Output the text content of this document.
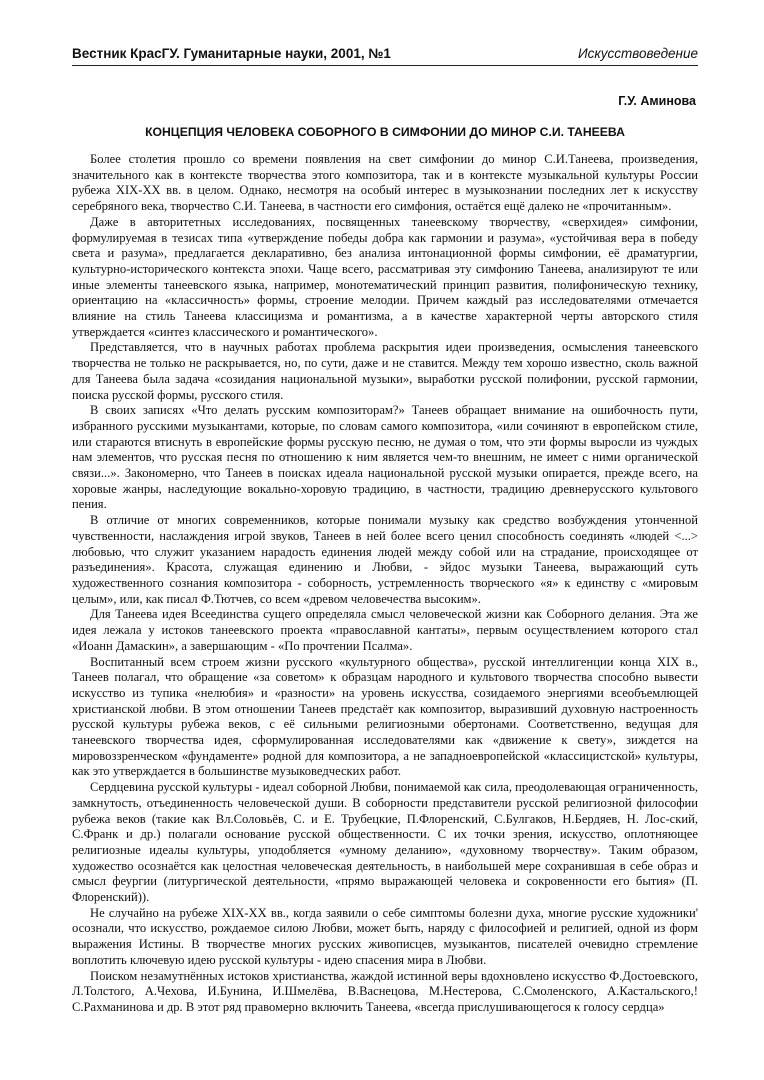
Вестник КрасГУ. Гуманитарные науки, 2001, №1	Искусствоведение
Г.У. Аминова
КОНЦЕПЦИЯ ЧЕЛОВЕКА СОБОРНОГО В СИМФОНИИ ДО МИНОР С.И. ТАНЕЕВА

Более столетия прошло со времени появления на свет симфонии до минор С.И.Танеева, произведения, значительного как в контексте творчества этого композитора, так и в контексте музыкальной культуры России рубежа XIX-XX вв. в целом. Однако, несмотря на особый интерес в музыкознании последних лет к искусству серебряного века, творчество С.И. Танеева, в частности его симфония, остаётся ещё далеко не «прочитанным».

Даже в авторитетных исследованиях, посвященных танеевскому творчеству, «сверхидея» симфонии, формулируемая в тезисах типа «утверждение победы добра как гармонии и разума», «устойчивая вера в победу света и разума», предлагается декларативно, без анализа интонационной формы симфонии, её драматургии, культурно-исторического контекста эпохи. Чаще всего, рассматривая эту симфонию Танеева, анализируют те или иные элементы танеевского языка, например, монотематический принцип развития, полифоническую технику, ориентацию на «классичность» формы, строение мелодии. Причем каждый раз исследователями отмечается влияние на стиль Танеева классицизма и романтизма, а в качестве характерной черты авторского стиля утверждается «синтез классического и романтического».

Представляется, что в научных работах проблема раскрытия идеи произведения, осмысления танеевского творчества не только не раскрывается, но, по сути, даже и не ставится. Между тем хорошо известно, сколь важной для Танеева была задача «созидания национальной музыки», выработки русской полифонии, русской гармонии, поиска русской формы, русского стиля.

В своих записях «Что делать русским композиторам?» Танеев обращает внимание на ошибочность пути, избранного русскими музыкантами, которые, по словам самого композитора, «или сочиняют в европейском стиле, или стараются втиснуть в европейские формы русскую песню, не думая о том, что эти формы выросли из чуждых нам элементов, что русская песня по отношению к ним является чем-то внешним, не имеет с ними органической связи...». Закономерно, что Танеев в поисках идеала национальной русской музыки опирается, прежде всего, на хоровые жанры, наследующие вокально-хоровую традицию, в частности, традицию древнерусского культового пения.

В отличие от многих современников, которые понимали музыку как средство возбуждения утонченной чувственности, наслаждения игрой звуков, Танеев в ней более всего ценил способность соединять «людей <...> любовью, что служит указанием нарадость единения людей между собой или на страдание, происходящее от разъединения». Красота, служащая единению и Любви, - эйдос музыки Танеева, выражающий суть художественного сознания композитора - соборность, устремленность творческого «я» к единству с «мировым целым», или, как писал Ф.Тютчев, со всем «древом человечества высоким».

Для Танеева идея Всеединства сущего определяла смысл человеческой жизни как Соборного делания. Эта же идея лежала у истоков танеевского проекта «православной кантаты», первым осуществлением которого стал «Иоанн Дамаскин», а завершающим - «По прочтении Псалма».

Воспитанный всем строем жизни русского «культурного общества», русской интеллигенции конца XIX в., Танеев полагал, что обращение «за советом» к образцам народного и культового творчества способно вывести искусство из тупика «нелюбия» и «разности» на уровень искусства, созидаемого энергиями всеобъемлющей христианской любви. В этом отношении Танеев предстаёт как композитор, выразивший духовную настроенность русской культуры рубежа веков, с её сильными религиозными обертонами. Соответственно, ведущая для танеевского творчества идея, сформулированная исследователями как «движение к свету», зиждется на мировоззренческом «фундаменте» родной для композитора, а не западноевропейской «классицистской» культуры, как это утверждается в большинстве музыковедческих работ.

Сердцевина русской культуры - идеал соборной Любви, понимаемой как сила, преодолевающая ограниченность, замкнутость, отъединенность человеческой души. В соборности представители русской религиозной философии рубежа веков (такие как Вл.Соловьёв, С. и Е. Трубецкие, П.Флоренский, С.Булгаков, Н.Бердяев, Н. Лос-ский, С.Франк и др.) полагали основание русской общественности. С их точки зрения, искусство, оплотняющее религиозные идеалы культуры, уподобляется «умному деланию», «духовному творчеству». Таким образом, художество осознаётся как целостная человеческая деятельность, в наибольшей мере сохранившая в себе образ и смысл феургии (литургической деятельности, «прямо выражающей человека и сокровенности его бытия» (П. Флоренский)).

Не случайно на рубеже XIX-XX вв., когда заявили о себе симптомы болезни духа, многие русские художники' осознали, что искусство, рождаемое силою Любви, может быть, наряду с философией и религией, одной из форм выражения Истины. В творчестве многих русских живописцев, музыкантов, писателей очевидно стремление воплотить ключевую идею русской культуры - идею спасения мира в Любви.

Поиском незамутнённых истоков христианства, жаждой истинной веры вдохновлено искусство Ф.Достоевского, Л.Толстого, А.Чехова, И.Бунина, И.Шмелёва, В.Васнецова, М.Нестерова, С.Смоленского, А.Кастальского,! С.Рахманинова и др. В этот ряд правомерно включить Танеева, «всегда прислушивающегося к голосу сердца»
